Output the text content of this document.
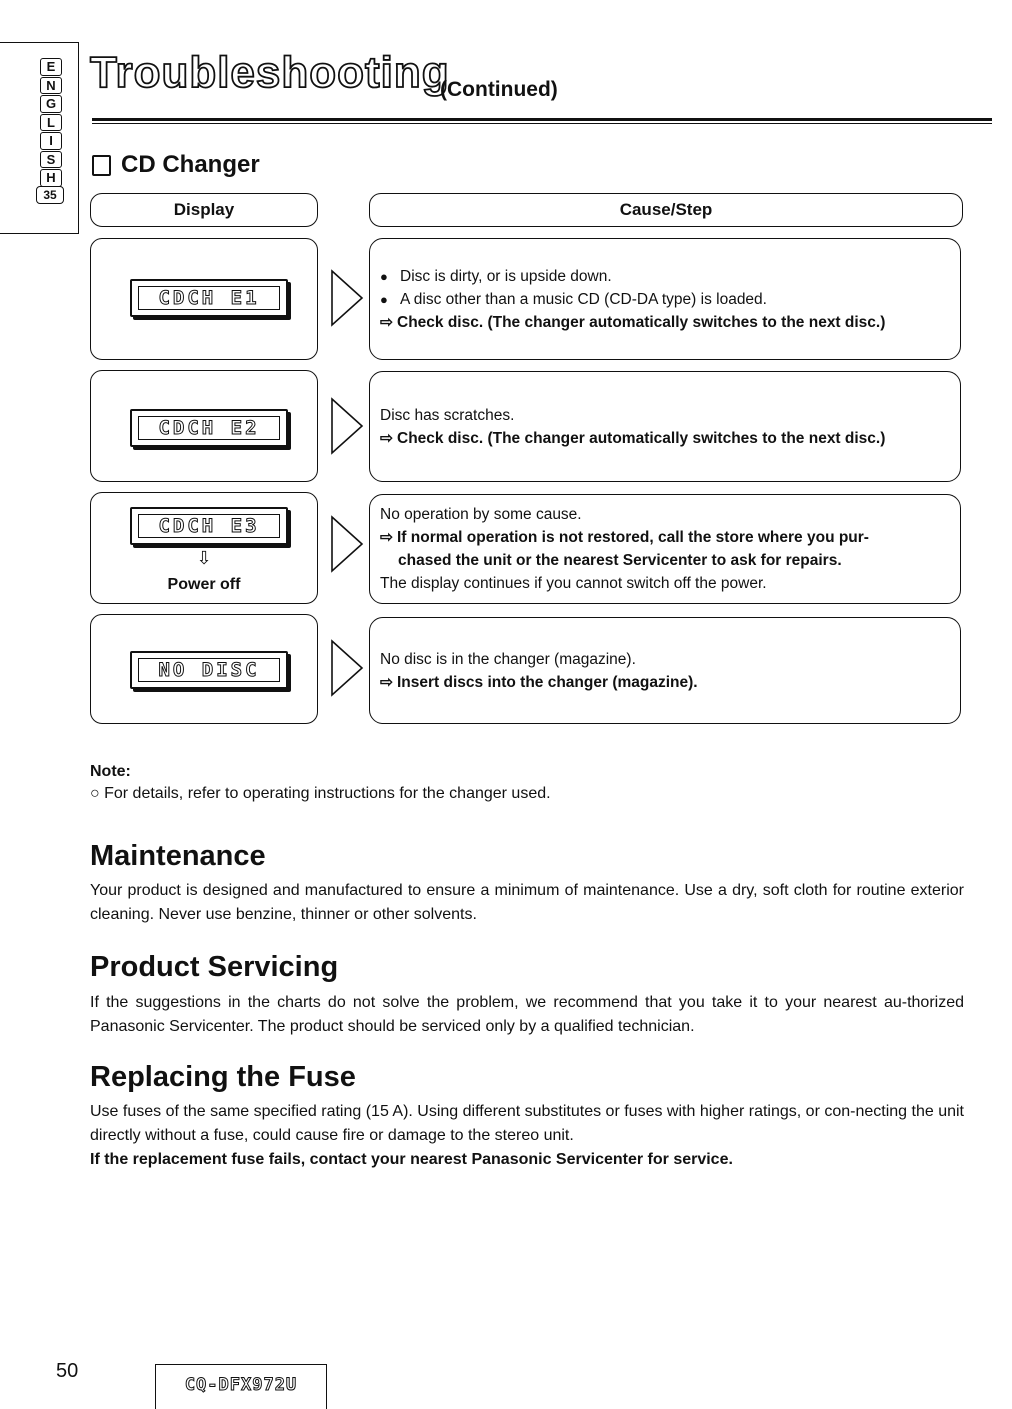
E
N
G
L
I
S
H
35
Troubleshooting
(Continued)
CD Changer
Display	Cause/Step
CDCH E1
● Disc is dirty, or is upside down.
● A disc other than a music CD (CD-DA type) is loaded.
⇨ Check disc. (The changer automatically switches to the next disc.)
CDCH E2
Disc has scratches.
⇨ Check disc. (The changer automatically switches to the next disc.)
CDCH E3
⇩
Power off
No operation by some cause.
⇨ If normal operation is not restored, call the store where you pur-
chased the unit or the nearest Servicenter to ask for repairs.
The display continues if you cannot switch off the power.
NO DISC	No disc is in the changer (magazine).
⇨ Insert discs into the changer (magazine).
Note:
○ For details, refer to operating instructions for the changer used.
Maintenance
Your product is designed and manufactured to ensure a minimum of maintenance. Use a dry, soft cloth for routine exterior cleaning. Never use benzine, thinner or other solvents.
Product Servicing
If the suggestions in the charts do not solve the problem, we recommend that you take it to your nearest au-thorized Panasonic Servicenter. The product should be serviced only by a qualified technician.
Replacing the Fuse
Use fuses of the same specified rating (15 A). Using different substitutes or fuses with higher ratings, or con-necting the unit directly without a fuse, could cause fire or damage to the stereo unit.
If the replacement fuse fails, contact your nearest Panasonic Servicenter for service.
50
CQ-DFX972U
